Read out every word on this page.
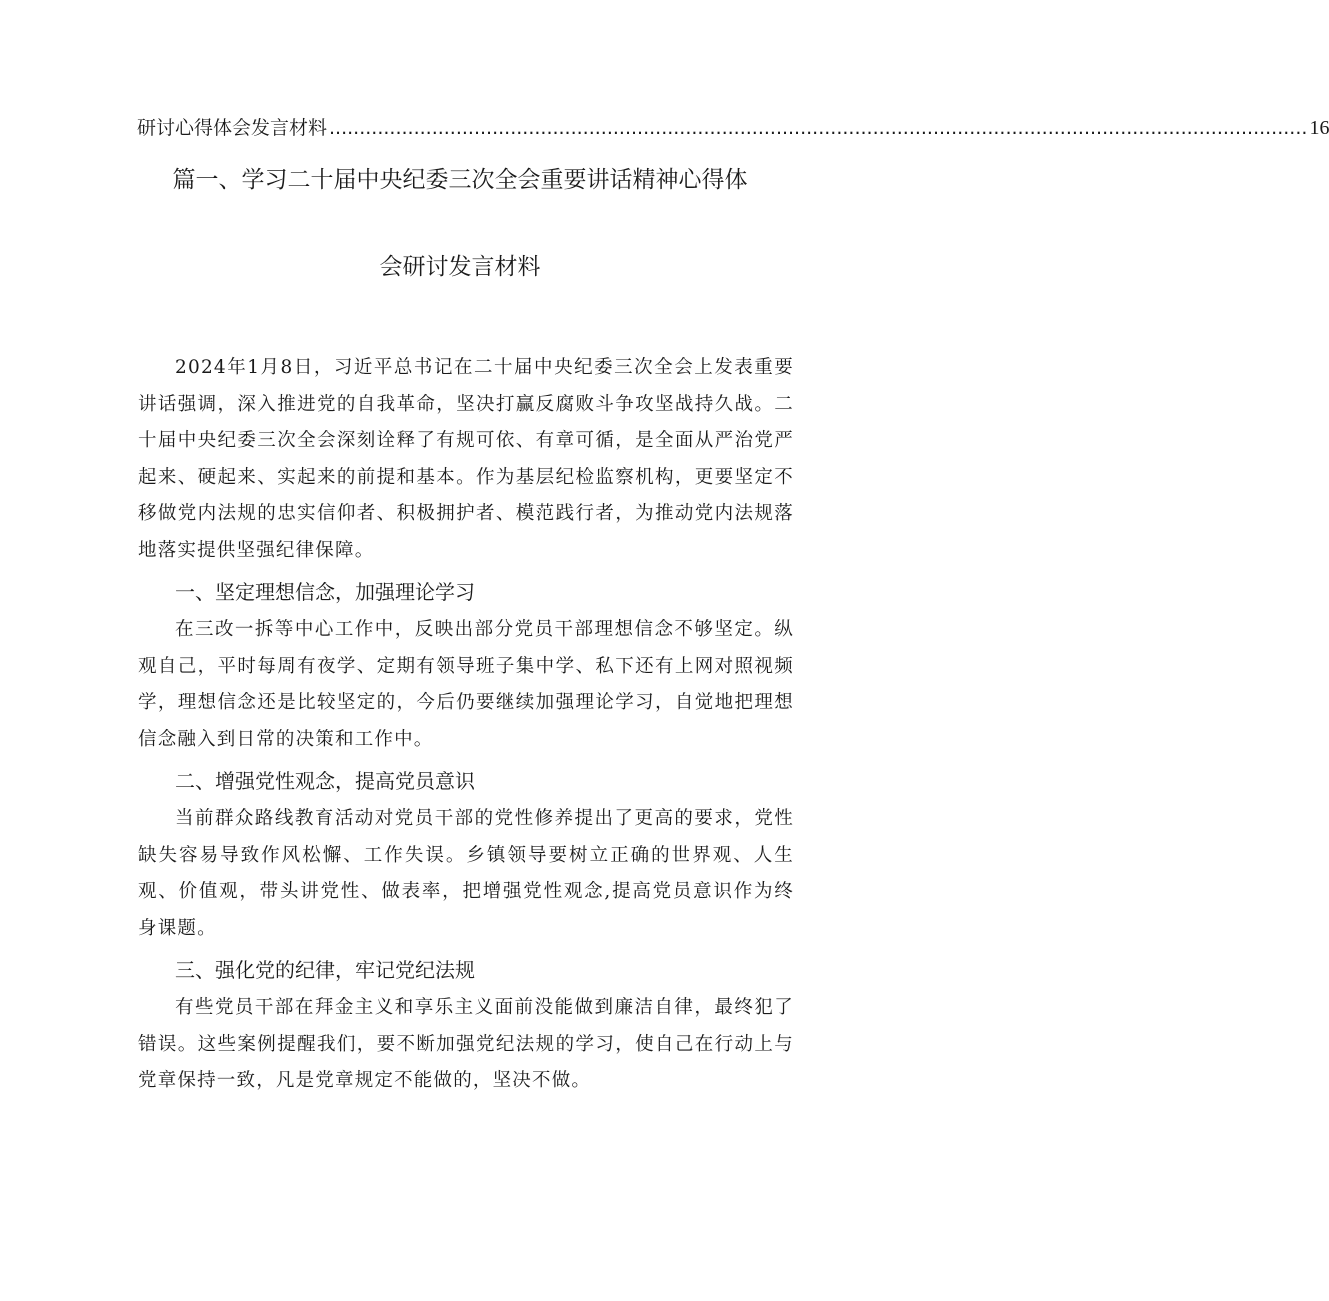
研讨心得体会发言材料 .................................................................................................................................................................. 16
篇一、学习二十届中央纪委三次全会重要讲话精神心得体
会研讨发言材料

2024年1月8日，习近平总书记在二十届中央纪委三次全会上发表重要讲话强调，深入推进党的自我革命，坚决打赢反腐败斗争攻坚战持久战。二十届中央纪委三次全会深刻诠释了有规可依、有章可循，是全面从严治党严起来、硬起来、实起来的前提和基本。作为基层纪检监察机构，更要坚定不移做党内法规的忠实信仰者、积极拥护者、模范践行者，为推动党内法规落地落实提供坚强纪律保障。

一、坚定理想信念，加强理论学习

在三改一拆等中心工作中，反映出部分党员干部理想信念不够坚定。纵观自己，平时每周有夜学、定期有领导班子集中学、私下还有上网对照视频学，理想信念还是比较坚定的，今后仍要继续加强理论学习，自觉地把理想信念融入到日常的决策和工作中。

二、增强党性观念，提高党员意识

当前群众路线教育活动对党员干部的党性修养提出了更高的要求，党性缺失容易导致作风松懈、工作失误。乡镇领导要树立正确的世界观、人生观、价值观，带头讲党性、做表率，把增强党性观念,提高党员意识作为终身课题。

三、强化党的纪律，牢记党纪法规

有些党员干部在拜金主义和享乐主义面前没能做到廉洁自律，最终犯了错误。这些案例提醒我们，要不断加强党纪法规的学习，使自己在行动上与党章保持一致，凡是党章规定不能做的，坚决不做。
